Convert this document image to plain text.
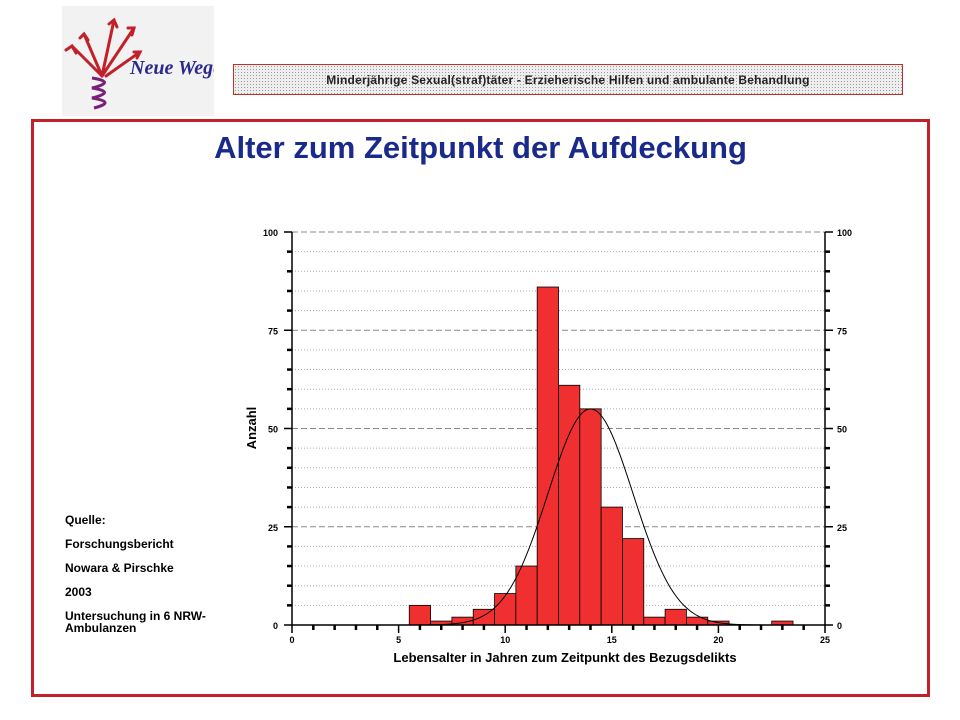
Neue Wege
Minderjährige Sexual(straf)täter - Erzieherische Hilfen und ambulante Behandlung
Alter zum Zeitpunkt der Aufdeckung
Quelle:
Forschungsbericht
Nowara & Pirschke
2003
Untersuchung in 6 NRW-Ambulanzen	0	0
25	25
50	50
75	75
100	100
0	5	10	15	20	25
Lebensalter in Jahren zum Zeitpunkt des Bezugsdelikts
Anzahl
